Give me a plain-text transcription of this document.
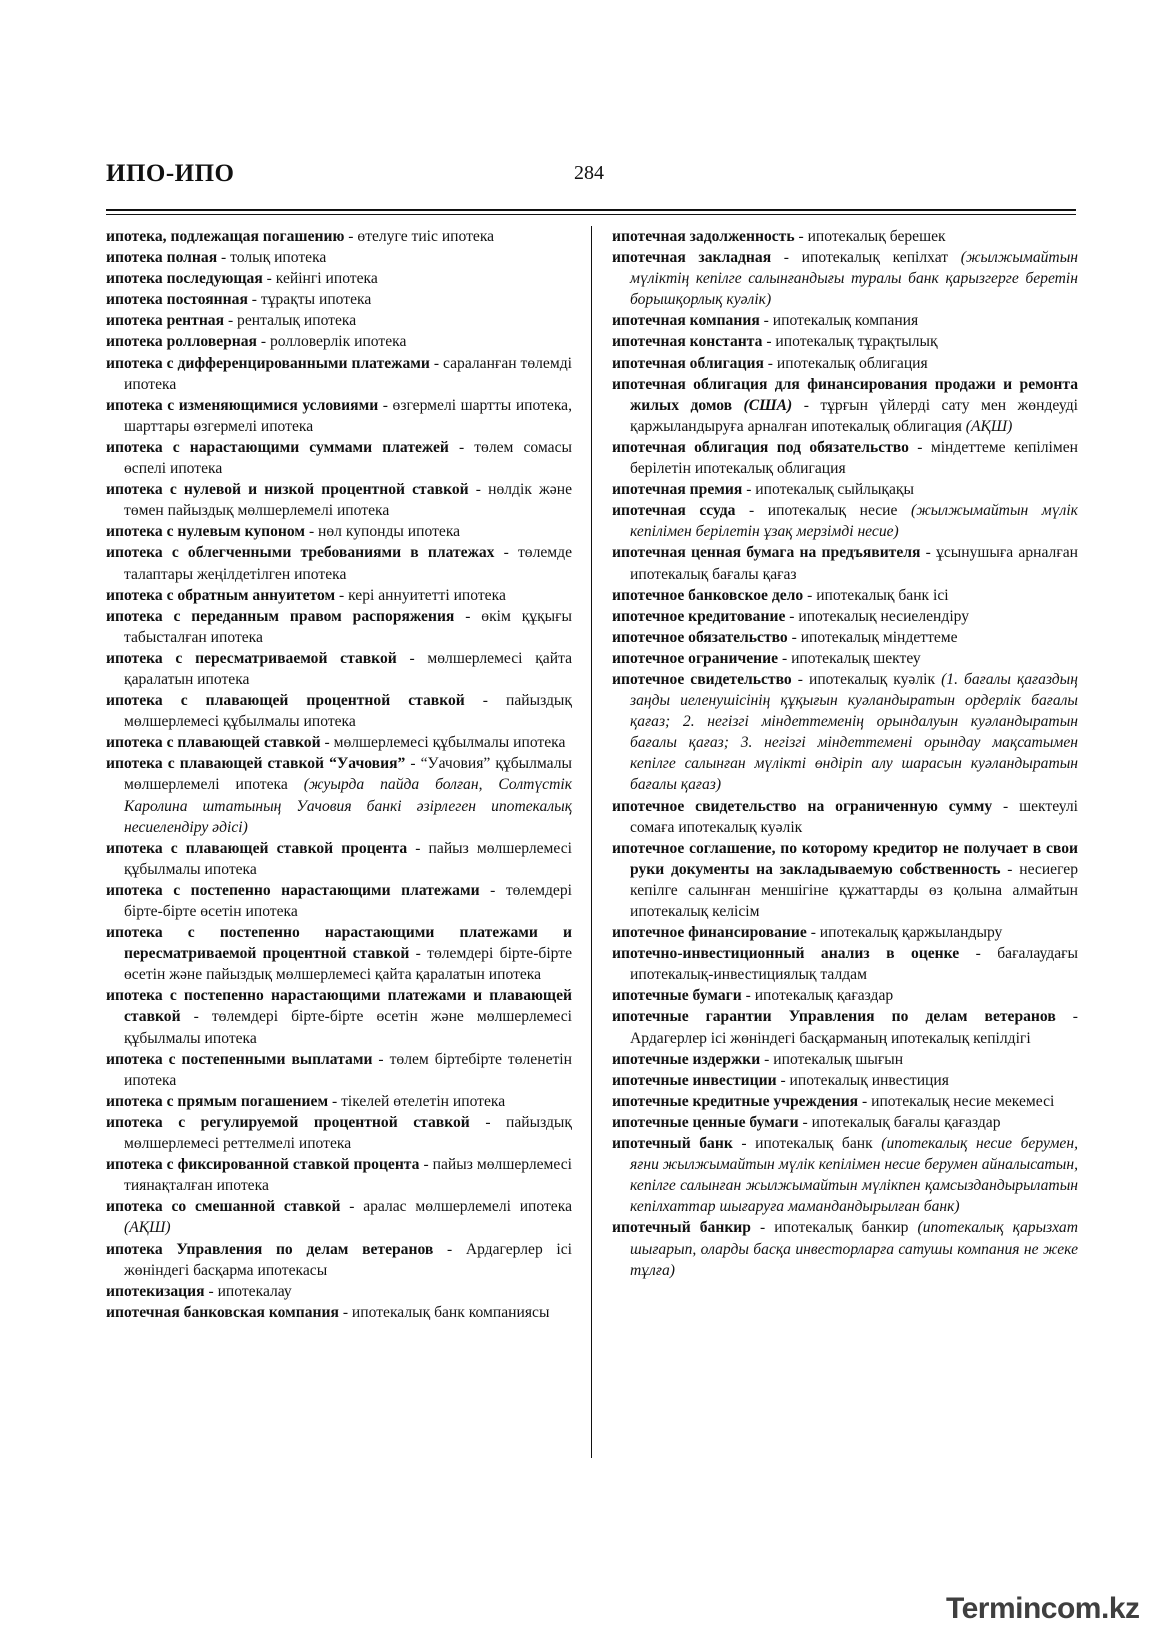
ИПО-ИПО	284

ипотека, подлежащая погашению - өтелуге тиіс ипотека

ипотека полная - толық ипотека

ипотека последующая - кейінгі ипотека

ипотека постоянная - тұрақты ипотека

ипотека рентная - ренталық ипотека

ипотека ролловерная - ролловерлік ипотека

ипотека с дифференцированными платежами - сараланған төлемді ипотека

ипотека с изменяющимися условиями - өзгермелі шартты ипотека, шарттары өзгермелі ипотека

ипотека с нарастающими суммами платежей - төлем сомасы өспелі ипотека

ипотека с нулевой и низкой процентной ставкой - нөлдік және төмен пайыздық мөлшерлемелі ипотека

ипотека с нулевым купоном - нөл купонды ипотека

ипотека с облегченными требованиями в платежах - төлемде талаптары жеңілдетілген ипотека

ипотека с обратным аннуитетом - кері аннуитетті ипотека

ипотека с переданным правом распоряжения - өкім құқығы табысталған ипотека

ипотека с пересматриваемой ставкой - мөлшерлемесі қайта қаралатын ипотека

ипотека с плавающей процентной ставкой - пайыздық мөлшерлемесі құбылмалы ипотека

ипотека с плавающей ставкой - мөлшерлемесі құбылмалы ипотека

ипотека с плавающей ставкой “Уачовия” - “Уачовия” құбылмалы мөлшерлемелі ипотека (жуырда пайда болған, Солтүстік Каролина штатының Уачовия банкі әзірлеген ипотекалық несиелендіру әдісі)

ипотека с плавающей ставкой процента - пайыз мөлшерлемесі құбылмалы ипотека

ипотека с постепенно нарастающими платежами - төлемдері бірте-бірте өсетін ипотека

ипотека с постепенно нарастающими платежами и пересматриваемой процентной ставкой - төлемдері бірте-бірте өсетін және пайыздық мөлшерлемесі қайта қаралатын ипотека

ипотека с постепенно нарастающими платежами и плавающей ставкой - төлемдері бірте-бірте өсетін және мөлшерлемесі құбылмалы ипотека

ипотека с постепенными выплатами - төлем біртебірте төленетін ипотека

ипотека с прямым погашением - тікелей өтелетін ипотека

ипотека с регулируемой процентной ставкой - пайыздық мөлшерлемесі реттелмелі ипотека

ипотека с фиксированной ставкой процента - пайыз мөлшерлемесі тиянақталған ипотека

ипотека со смешанной ставкой - аралас мөлшерлемелі ипотека (АҚШ)

ипотека Управления по делам ветеранов - Ардагерлер ісі жөніндегі басқарма ипотекасы

ипотекизация - ипотекалау

ипотечная банковская компания - ипотекалық банк компаниясы

ипотечная задолженность - ипотекалық берешек

ипотечная закладная - ипотекалық кепілхат (жылжымайтын мүліктің кепілге салынғандығы туралы банк қарызгерге беретін борышқорлық куәлік)

ипотечная компания - ипотекалық компания

ипотечная константа - ипотекалық тұрақтылық

ипотечная облигация - ипотекалық облигация

ипотечная облигация для финансирования продажи и ремонта жилых домов (США) - тұрғын үйлерді сату мен жөндеуді қаржыландыруға арналған ипотекалық облигация (АҚШ)

ипотечная облигация под обязательство - міндеттеме кепілімен берілетін ипотекалық облигация

ипотечная премия - ипотекалық сыйлықақы

ипотечная ссуда - ипотекалық несие (жылжымайтын мүлік кепілімен берілетін ұзақ мерзімді несие)

ипотечная ценная бумага на предъявителя - ұсынушыға арналған ипотекалық бағалы қағаз

ипотечное банковское дело - ипотекалық банк ісі

ипотечное кредитование - ипотекалық несиелендіру

ипотечное обязательство - ипотекалық міндеттеме

ипотечное ограничение - ипотекалық шектеу

ипотечное свидетельство - ипотекалық куәлік (1. бағалы қағаздың заңды иеленушісінің құқығын куәландыратын ордерлік бағалы қағаз; 2. негізгі міндеттеменің орындалуын куәландыратын бағалы қағаз; 3. негізгі міндеттемені орындау мақсатымен кепілге салынған мүлікті өндіріп алу шарасын куәландыратын бағалы қағаз)

ипотечное свидетельство на ограниченную сумму - шектеулі сомаға ипотекалық куәлік

ипотечное соглашение, по которому кредитор не получает в свои руки документы на закладываемую собственность - несиегер кепілге салынған меншігіне құжаттарды өз қолына алмайтын ипотекалық келісім

ипотечное финансирование - ипотекалық қаржыландыру

ипотечно-инвестиционный анализ в оценке - бағалаудағы ипотекалық-инвестициялық талдам

ипотечные бумаги - ипотекалық қағаздар

ипотечные гарантии Управления по делам ветеранов - Ардагерлер ісі жөніндегі басқарманың ипотекалық кепілдігі

ипотечные издержки - ипотекалық шығын

ипотечные инвестиции - ипотекалық инвестиция

ипотечные кредитные учреждения - ипотекалық несие мекемесі

ипотечные ценные бумаги - ипотекалық бағалы қағаздар

ипотечный банк - ипотекалық банк (ипотекалық несие берумен, яғни жылжымайтын мүлік кепілімен несие берумен айналысатын, кепілге салынған жылжымайтын мүлікпен қамсыздандырылатын кепілхаттар шығаруға мамандандырылған банк)

ипотечный банкир - ипотекалық банкир (ипотекалық қарызхат шығарып, оларды басқа инвесторларға сатушы компания не жеке тұлға)

Termincom.kz
